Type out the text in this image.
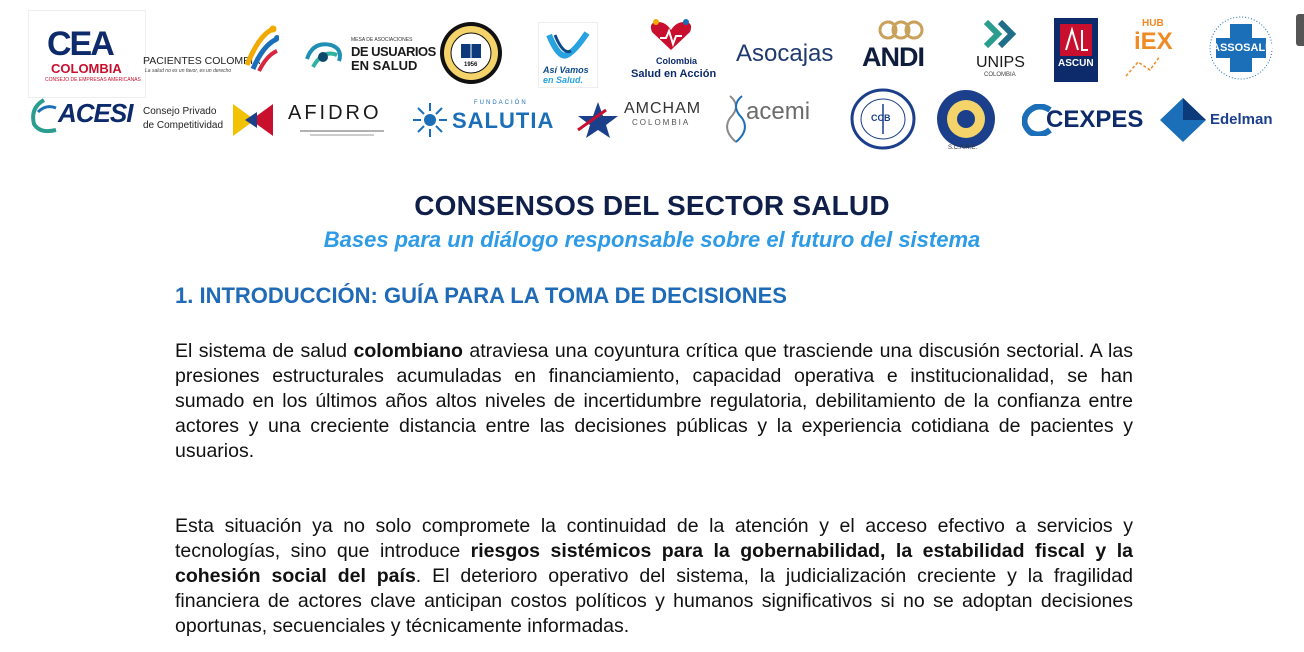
CEA
COLOMBIA
CONSEJO DE EMPRESAS AMERICANAS
PACIENTES COLOMBIA
La salud no es un favor, es un derecho
MESA DE ASOCIACIONES
DE USUARIOS
EN SALUD	1956	Así Vamos
en Salud.
Colombia
Salud en Acción
Asocajas ANDI	UNIPS
COLOMBIA
ASCUN
HUB
iEX	ASSOSALUD
ACESI Consejo Privado
de Competitividad
AFIDRO	FUNDACIÓN
SALUTIA	AMCHAM
COLOMBIA acemi	CCB
S.C.A.R.E.
CEXPES	Edelman
CONSENSOS DEL SECTOR SALUD
Bases para un diálogo responsable sobre el futuro del sistema
1. INTRODUCCIÓN: GUÍA PARA LA TOMA DE DECISIONES

El sistema de salud colombiano atraviesa una coyuntura crítica que trasciende una discusión sectorial. A las presiones estructurales acumuladas en financiamiento, capacidad operativa e institucionalidad, se han sumado en los últimos años altos niveles de incertidumbre regulatoria, debilitamiento de la confianza entre actores y una creciente distancia entre las decisiones públicas y la experiencia cotidiana de pacientes y usuarios.

Esta situación ya no solo compromete la continuidad de la atención y el acceso efectivo a servicios y tecnologías, sino que introduce riesgos sistémicos para la gobernabilidad, la estabilidad fiscal y la cohesión social del país. El deterioro operativo del sistema, la judicialización creciente y la fragilidad financiera de actores clave anticipan costos políticos y humanos significativos si no se adoptan decisiones oportunas, secuenciales y técnicamente informadas.
